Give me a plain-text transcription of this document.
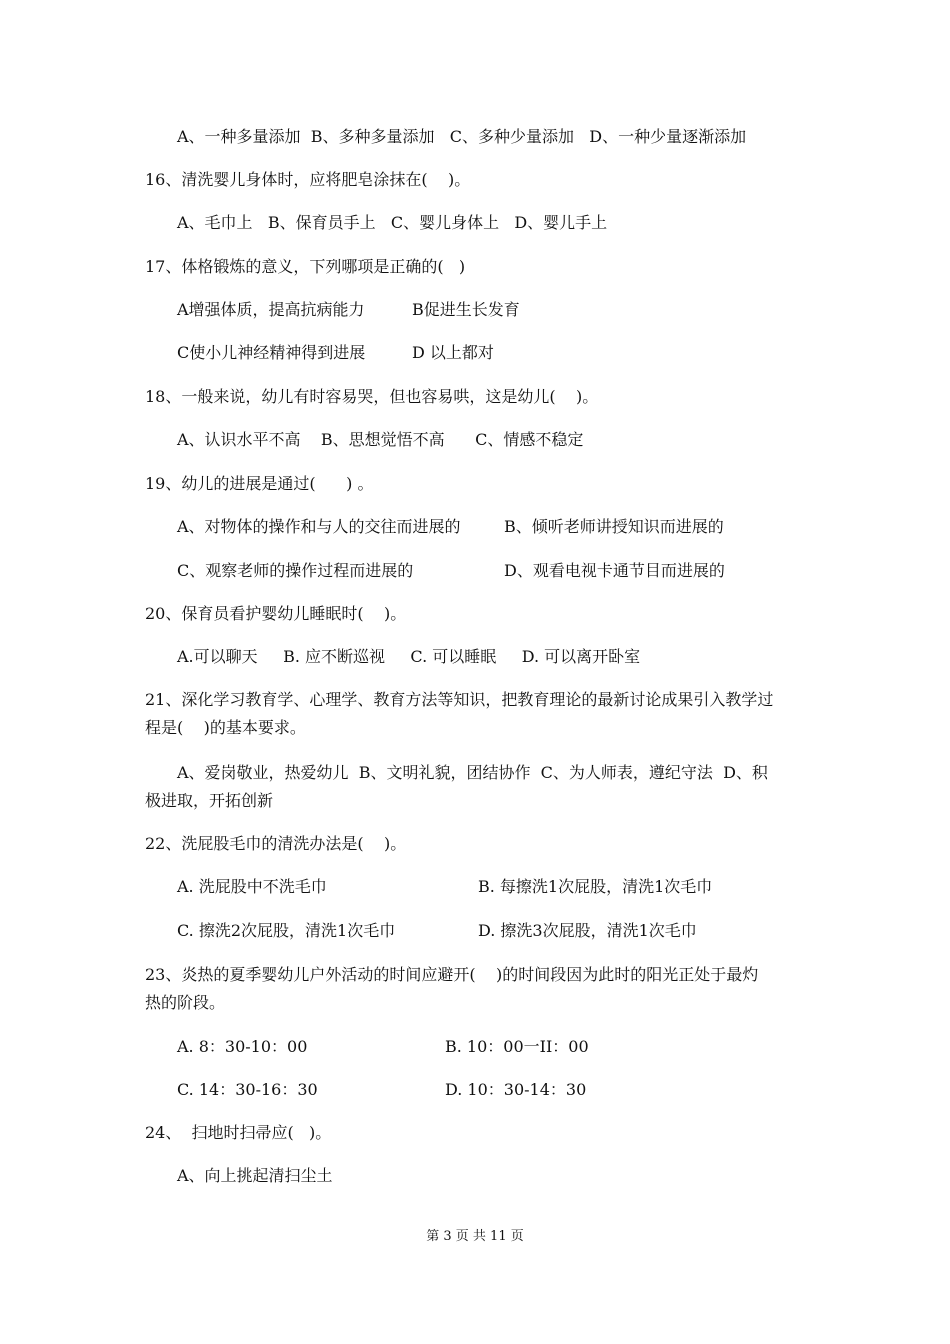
A、一种多量添加  B、多种多量添加   C、多种少量添加   D、一种少量逐渐添加
16、清洗婴儿身体时，应将肥皂涂抹在(    )。
A、毛巾上   B、保育员手上   C、婴儿身体上   D、婴儿手上
17、体格锻炼的意义，下列哪项是正确的(   )
A增强体质，提高抗病能力	B促进生长发育
C使小儿神经精神得到进展	D 以上都对
18、一般来说，幼儿有时容易哭，但也容易哄，这是幼儿(    )。
A、认识水平不高    B、思想觉悟不高      C、情感不稳定
19、幼儿的进展是通过(      ) 。
A、对物体的操作和与人的交往而进展的	B、倾听老师讲授知识而进展的
C、观察老师的操作过程而进展的	D、观看电视卡通节目而进展的
20、保育员看护婴幼儿睡眠时(    )。
A.可以聊天     B. 应不断巡视     C. 可以睡眠     D. 可以离开卧室
21、深化学习教育学、心理学、教育方法等知识，把教育理论的最新讨论成果引入教学过
程是(    )的基本要求。
A、爱岗敬业，热爱幼儿  B、文明礼貌，团结协作  C、为人师表，遵纪守法  D、积
极进取，开拓创新
22、洗屁股毛巾的清洗办法是(    )。
A. 洗屁股中不洗毛巾	B. 每擦洗1次屁股，清洗1次毛巾
C. 擦洗2次屁股，清洗1次毛巾	D. 擦洗3次屁股，清洗1次毛巾
23、炎热的夏季婴幼儿户外活动的时间应避开(    )的时间段因为此时的阳光正处于最灼
热的阶段。
A. 8：30-10：00	B. 10：00一II：00
C. 14：30-16：30	D. 10：30-14：30
24、  扫地时扫帚应(   )。
A、向上挑起清扫尘土
第 3 页 共 11 页
